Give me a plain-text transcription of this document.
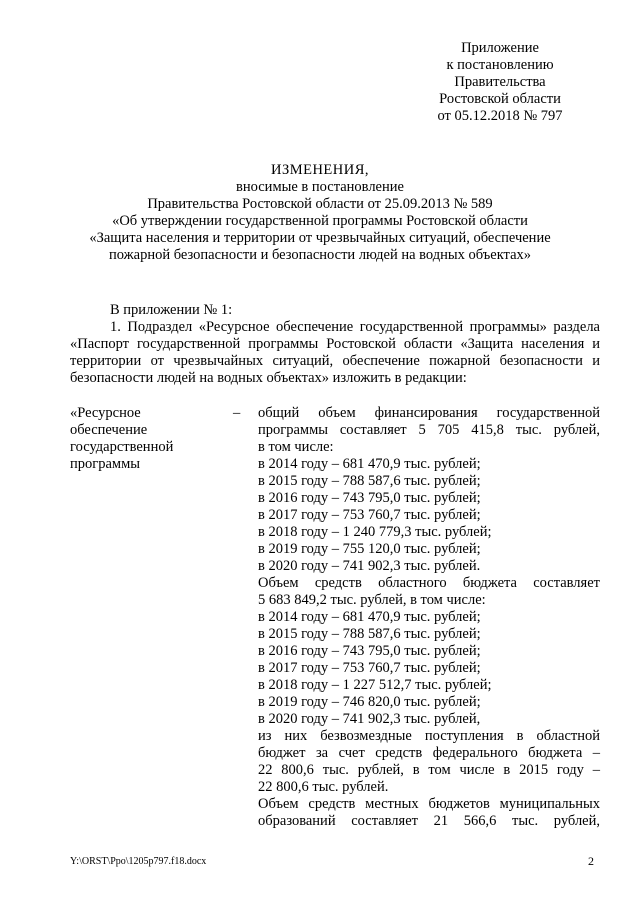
Приложение
к постановлению
Правительства
Ростовской области
от 05.12.2018 № 797
ИЗМЕНЕНИЯ,
вносимые в постановление
Правительства Ростовской области от 25.09.2013 № 589
«Об утверждении государственной программы Ростовской области
«Защита населения и территории от чрезвычайных ситуаций, обеспечение
пожарной безопасности и безопасности людей на водных объектах»

В приложении № 1:

1. Подраздел «Ресурсное обеспечение государственной программы» раздела «Паспорт государственной программы Ростовской области «Защита населения и территории от чрезвычайных ситуаций, обеспечение пожарной безопасности и безопасности людей на водных объектах» изложить в редакции:

«Ресурсное
обеспечение
государственной
программы
– общий объем финансирования государственной
программы составляет 5 705 415,8 тыс. рублей,
в том числе:
в 2014 году – 681 470,9 тыс. рублей;
в 2015 году – 788 587,6 тыс. рублей;
в 2016 году – 743 795,0 тыс. рублей;
в 2017 году – 753 760,7 тыс. рублей;
в 2018 году – 1 240 779,3 тыс. рублей;
в 2019 году – 755 120,0 тыс. рублей;
в 2020 году – 741 902,3 тыс. рублей.
Объем средств областного бюджета составляет
5 683 849,2 тыс. рублей, в том числе:
в 2014 году – 681 470,9 тыс. рублей;
в 2015 году – 788 587,6 тыс. рублей;
в 2016 году – 743 795,0 тыс. рублей;
в 2017 году – 753 760,7 тыс. рублей;
в 2018 году – 1 227 512,7 тыс. рублей;
в 2019 году – 746 820,0 тыс. рублей;
в 2020 году – 741 902,3 тыс. рублей,
из них безвозмездные поступления в областной
бюджет за счет средств федерального бюджета –
22 800,6 тыс. рублей, в том числе в 2015 году –
22 800,6 тыс. рублей.
Объем средств местных бюджетов муниципальных
образований составляет 21 566,6 тыс. рублей,
Y:\ORST\Ppo\1205p797.f18.docx	2
